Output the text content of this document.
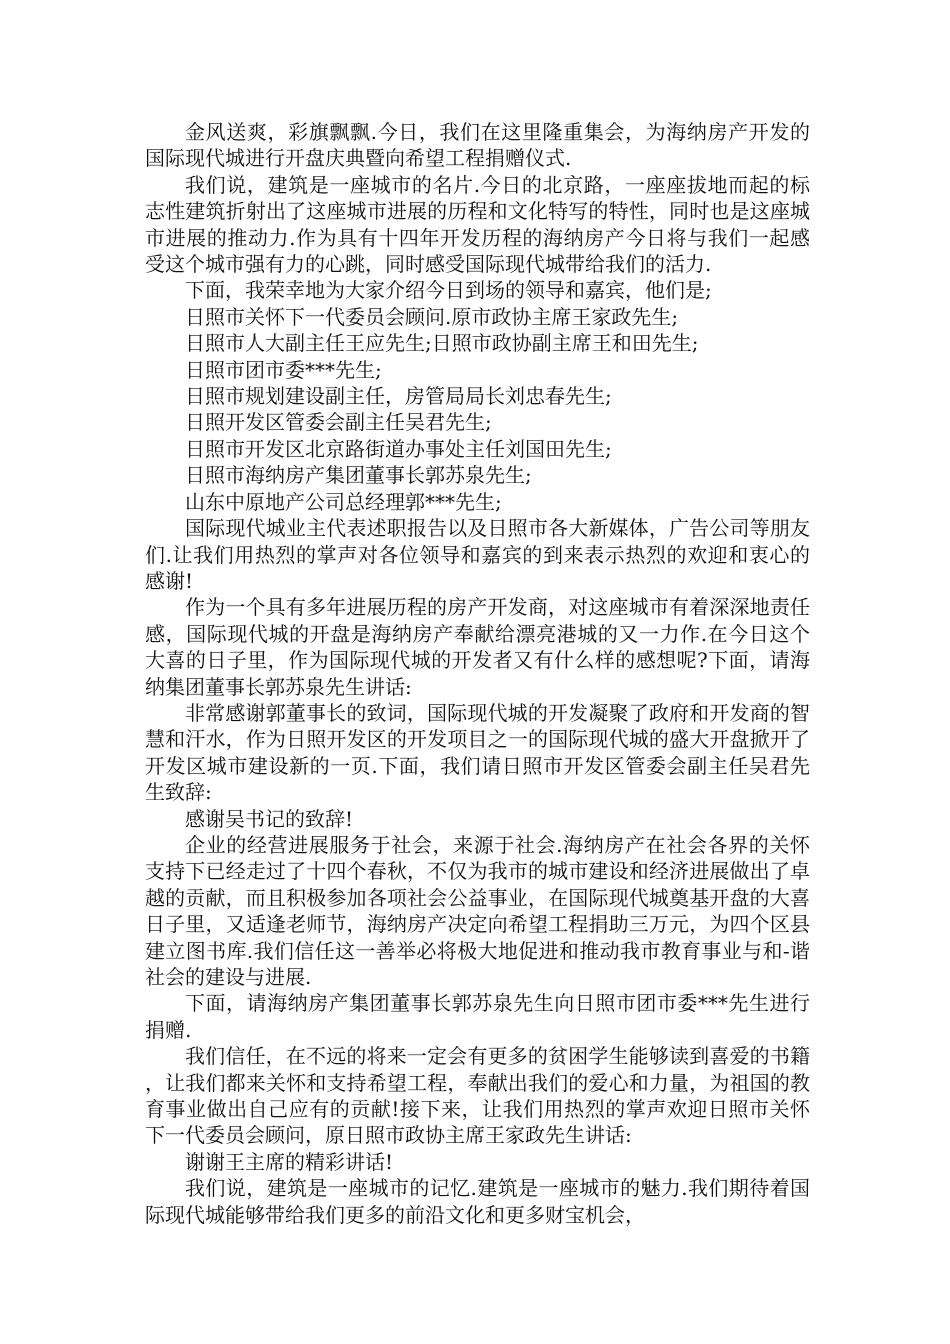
金风送爽，彩旗飘飘.今日，我们在这里隆重集会，为海纳房产开发的国际现代城进行开盘庆典暨向希望工程捐赠仪式.

我们说，建筑是一座城市的名片.今日的北京路，一座座拔地而起的标志性建筑折射出了这座城市进展的历程和文化特写的特性，同时也是这座城市进展的推动力.作为具有十四年开发历程的海纳房产今日将与我们一起感受这个城市强有力的心跳，同时感受国际现代城带给我们的活力.

下面，我荣幸地为大家介绍今日到场的领导和嘉宾，他们是;

日照市关怀下一代委员会顾问.原市政协主席王家政先生;

日照市人大副主任王应先生;日照市政协副主席王和田先生;

日照市团市委***先生;

日照市规划建设副主任，房管局局长刘忠春先生;

日照开发区管委会副主任吴君先生;

日照市开发区北京路街道办事处主任刘国田先生;

日照市海纳房产集团董事长郭苏泉先生;

山东中原地产公司总经理郭***先生;

国际现代城业主代表述职报告以及日照市各大新媒体，广告公司等朋友们.让我们用热烈的掌声对各位领导和嘉宾的到来表示热烈的欢迎和衷心的感谢!

作为一个具有多年进展历程的房产开发商，对这座城市有着深深地责任感，国际现代城的开盘是海纳房产奉献给漂亮港城的又一力作.在今日这个大喜的日子里，作为国际现代城的开发者又有什么样的感想呢?下面，请海纳集团董事长郭苏泉先生讲话:

非常感谢郭董事长的致词，国际现代城的开发凝聚了政府和开发商的智慧和汗水，作为日照开发区的开发项目之一的国际现代城的盛大开盘掀开了开发区城市建设新的一页.下面，我们请日照市开发区管委会副主任吴君先生致辞:

感谢吴书记的致辞!

企业的经营进展服务于社会，来源于社会.海纳房产在社会各界的关怀支持下已经走过了十四个春秋，不仅为我市的城市建设和经济进展做出了卓越的贡献，而且积极参加各项社会公益事业，在国际现代城奠基开盘的大喜日子里，又适逢老师节，海纳房产决定向希望工程捐助三万元，为四个区县建立图书库.我们信任这一善举必将极大地促进和推动我市教育事业与和-谐社会的建设与进展.

下面，请海纳房产集团董事长郭苏泉先生向日照市团市委***先生进行捐赠.

我们信任，在不远的将来一定会有更多的贫困学生能够读到喜爱的书籍，让我们都来关怀和支持希望工程，奉献出我们的爱心和力量，为祖国的教育事业做出自己应有的贡献!接下来，让我们用热烈的掌声欢迎日照市关怀下一代委员会顾问，原日照市政协主席王家政先生讲话:

谢谢王主席的精彩讲话!

我们说，建筑是一座城市的记忆.建筑是一座城市的魅力.我们期待着国际现代城能够带给我们更多的前沿文化和更多财宝机会，
